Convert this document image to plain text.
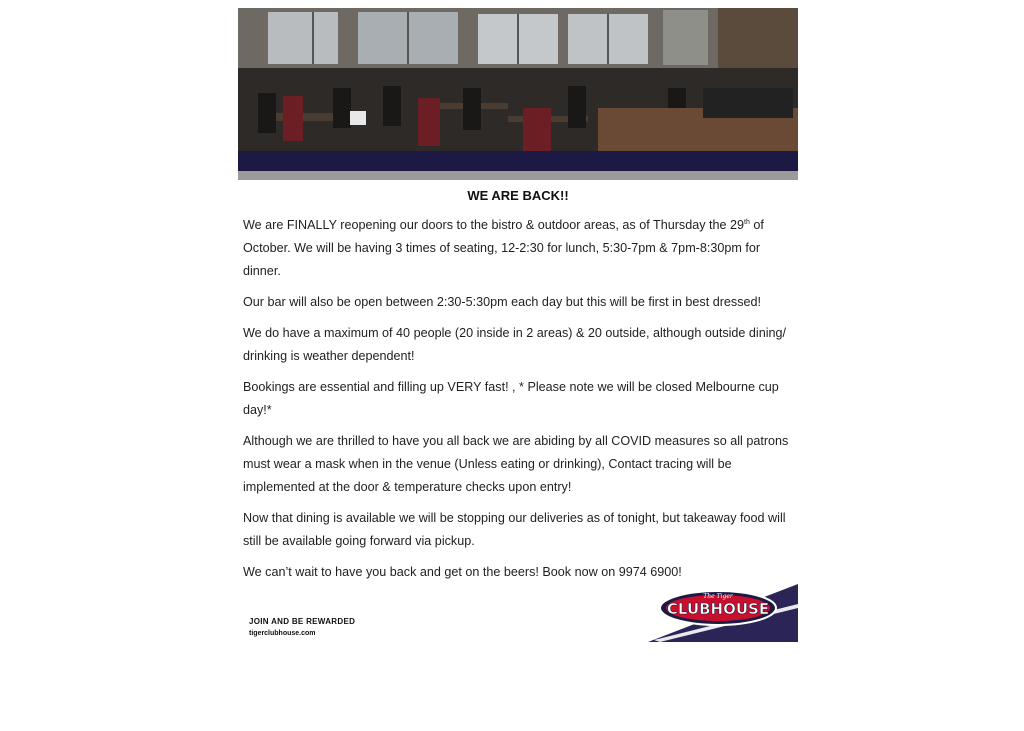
WE ARE BACK!!

We are FINALLY reopening our doors to the bistro & outdoor areas, as of Thursday the 29th of October. We will be having 3 times of seating, 12-2:30 for lunch, 5:30-7pm & 7pm-8:30pm for dinner.

Our bar will also be open between 2:30-5:30pm each day but this will be first in best dressed!

We do have a maximum of 40 people (20 inside in 2 areas) & 20 outside, although outside dining/ drinking is weather dependent!

Bookings are essential and filling up VERY fast! , * Please note we will be closed Melbourne cup day!*

Although we are thrilled to have you all back we are abiding by all COVID measures so all patrons must wear a mask when in the venue (Unless eating or drinking), Contact tracing will be implemented at the door & temperature checks upon entry!

Now that dining is available we will be stopping our deliveries as of tonight, but takeaway food will still be available going forward via pickup.

We can’t wait to have you back and get on the beers! Book now on 9974 6900!

JOIN AND BE REWARDED
tigerclubhouse.com
The Tiger
CLUBHOUSE
